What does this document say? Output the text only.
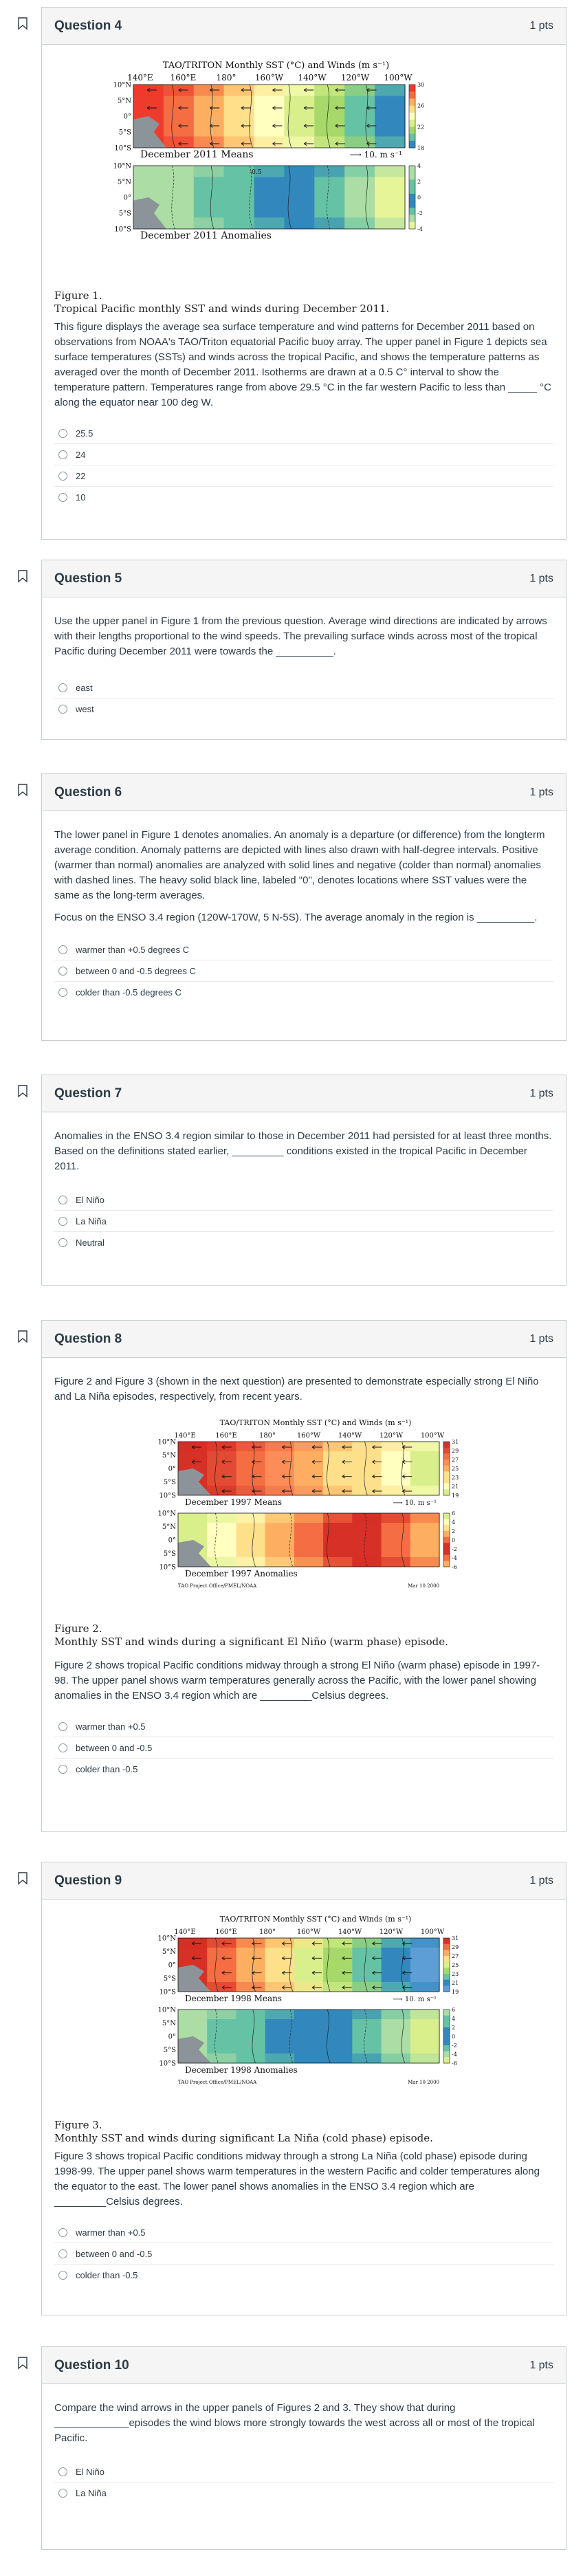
Question 4	1 pts
TAO/TRITON Monthly SST (°C) and Winds (m s⁻¹)
140°E 160°E 180° 160°W 140°W 120°W 100°W
10°N
5°N
0°
5°S
10°S
December 2011 Means	⟶ 10. m s⁻¹
30
26
22
18
10°N
5°N
0°
5°S
10°S
-0.5
December 2011 Anomalies
4
2
0
-2
-4
Figure 1.
Tropical Pacific monthly SST and winds during December 2011.

This figure displays the average sea surface temperature and wind patterns for December 2011 based on observations from NOAA's TAO/Triton equatorial Pacific buoy array. The upper panel in Figure 1 depicts sea surface temperatures (SSTs) and winds across the tropical Pacific, and shows the temperature patterns as averaged over the month of December 2011. Isotherms are drawn at a 0.5 C° interval to show the temperature pattern. Temperatures range from above 29.5 °C in the far western Pacific to less than _____ °C along the equator near 100 deg W.

25.5
24
22
10
Question 5	1 pts

Use the upper panel in Figure 1 from the previous question. Average wind directions are indicated by arrows with their lengths proportional to the wind speeds. The prevailing surface winds across most of the tropical Pacific during December 2011 were towards the __________.

east
west
Question 6	1 pts

The lower panel in Figure 1 denotes anomalies. An anomaly is a departure (or difference) from the longterm average condition. Anomaly patterns are depicted with lines also drawn with half-degree intervals. Positive (warmer than normal) anomalies are analyzed with solid lines and negative (colder than normal) anomalies with dashed lines. The heavy solid black line, labeled "0", denotes locations where SST values were the same as the long-term averages.

Focus on the ENSO 3.4 region (120W-170W, 5 N-5S). The average anomaly in the region is __________.

warmer than +0.5 degrees C
between 0 and -0.5 degrees C
colder than -0.5 degrees C
Question 7	1 pts

Anomalies in the ENSO 3.4 region similar to those in December 2011 had persisted for at least three months. Based on the definitions stated earlier, _________ conditions existed in the tropical Pacific in December 2011.

El Niño
La Niña
Neutral
Question 8	1 pts

Figure 2 and Figure 3 (shown in the next question) are presented to demonstrate especially strong El Niño and La Niña episodes, respectively, from recent years.

TAO/TRITON Monthly SST (°C) and Winds (m s⁻¹)
140°E	160°E	180°	160°W	140°W	120°W	100°W
10°N
5°N
0°
5°S
10°S
December 1997 Means	⟶ 10. m s⁻¹
31
29
27
25
23
21
19
10°N
5°N
0°
5°S
10°S
December 1997 Anomalies
6
4
2
0
-2
-4
-6
TAO Project Office/PMEL/NOAA	Mar 10 2000
Figure 2.
Monthly SST and winds during a significant El Niño (warm phase) episode.

Figure 2 shows tropical Pacific conditions midway through a strong El Niño (warm phase) episode in 1997-98. The upper panel shows warm temperatures generally across the Pacific, with the lower panel showing anomalies in the ENSO 3.4 region which are _________Celsius degrees.

warmer than +0.5
between 0 and -0.5
colder than -0.5
Question 9	1 pts
TAO/TRITON Monthly SST (°C) and Winds (m s⁻¹)
140°E	160°E	180°	160°W	140°W	120°W	100°W
10°N
5°N
0°
5°S
10°S
December 1998 Means	⟶ 10. m s⁻¹
31
29
27
25
23
21
19
10°N
5°N
0°
5°S
10°S
December 1998 Anomalies
6
4
2
0
-2
-4
-6
TAO Project Office/PMEL/NOAA	Mar 10 2000
Figure 3.
Monthly SST and winds during significant La Niña (cold phase) episode.

Figure 3 shows tropical Pacific conditions midway through a strong La Niña (cold phase) episode during 1998-99. The upper panel shows warm temperatures in the western Pacific and colder temperatures along the equator to the east. The lower panel shows anomalies in the ENSO 3.4 region which are _________Celsius degrees.

warmer than +0.5
between 0 and -0.5
colder than -0.5
Question 10	1 pts

Compare the wind arrows in the upper panels of Figures 2 and 3. They show that during _____________episodes the wind blows more strongly towards the west across all or most of the tropical Pacific.

El Niño
La Niña
